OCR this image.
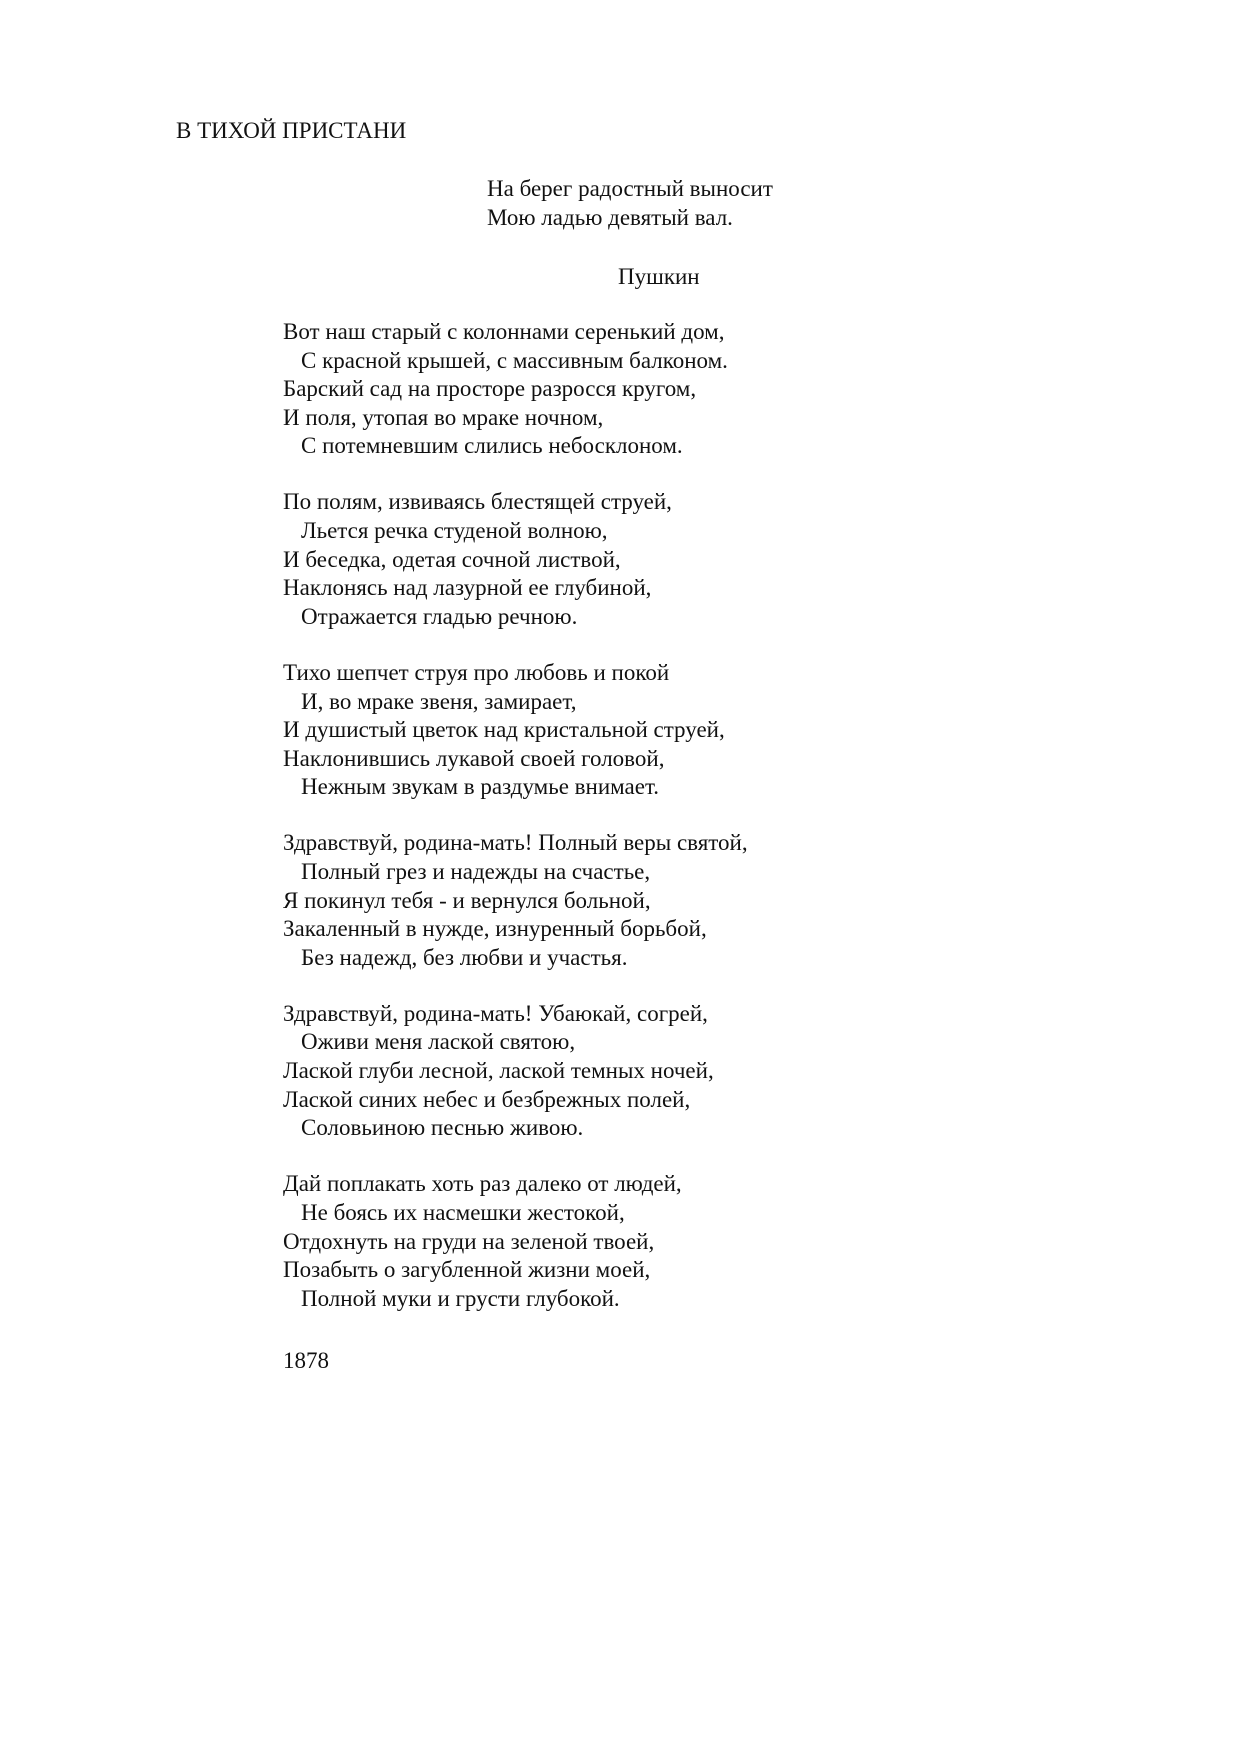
В ТИХОЙ ПРИСТАНИ
На берег радостный выносит
Мою ладью девятый вал.
Пушкин
Вот наш старый с колоннами серенький дом,
С красной крышей, с массивным балконом.
Барский сад на просторе разросся кругом,
И поля, утопая во мраке ночном,
С потемневшим слились небосклоном.
По полям, извиваясь блестящей струей,
Льется речка студеной волною,
И беседка, одетая сочной листвой,
Наклонясь над лазурной ее глубиной,
Отражается гладью речною.
Тихо шепчет струя про любовь и покой
И, во мраке звеня, замирает,
И душистый цветок над кристальной струей,
Наклонившись лукавой своей головой,
Нежным звукам в раздумье внимает.
Здравствуй, родина-мать! Полный веры святой,
Полный грез и надежды на счастье,
Я покинул тебя - и вернулся больной,
Закаленный в нужде, изнуренный борьбой,
Без надежд, без любви и участья.
Здравствуй, родина-мать! Убаюкай, согрей,
Оживи меня лаской святою,
Лаской глуби лесной, лаской темных ночей,
Лаской синих небес и безбрежных полей,
Соловьиною песнью живою.
Дай поплакать хоть раз далеко от людей,
Не боясь их насмешки жестокой,
Отдохнуть на груди на зеленой твоей,
Позабыть о загубленной жизни моей,
Полной муки и грусти глубокой.
1878
